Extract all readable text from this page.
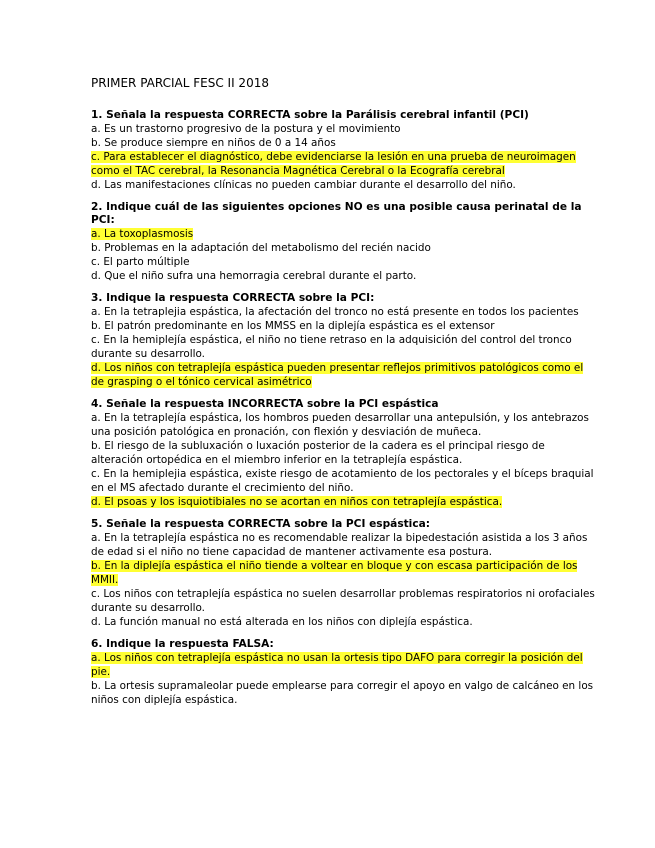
PRIMER PARCIAL FESC II 2018
1. Señala la respuesta CORRECTA sobre la Parálisis cerebral infantil (PCI)
a. Es un trastorno progresivo de la postura y el movimiento
b. Se produce siempre en niños de 0 a 14 años
c. Para establecer el diagnóstico, debe evidenciarse la lesión en una prueba de neuroimagen como el TAC cerebral, la Resonancia Magnética Cerebral o la Ecografía cerebral
d. Las manifestaciones clínicas no pueden cambiar durante el desarrollo del niño.
2. Indique cuál de las siguientes opciones NO es una posible causa perinatal de la PCI:
a. La toxoplasmosis
b. Problemas en la adaptación del metabolismo del recién nacido
c. El parto múltiple
d. Que el niño sufra una hemorragia cerebral durante el parto.
3. Indique la respuesta CORRECTA sobre la PCI:
a. En la tetraplejia espástica, la afectación del tronco no está presente en todos los pacientes
b. El patrón predominante en los MMSS en la diplejía espástica es el extensor
c. En la hemiplejía espástica, el niño no tiene retraso en la adquisición del control del tronco durante su desarrollo.
d. Los niños con tetraplejía espástica pueden presentar reflejos primitivos patológicos como el de grasping o el tónico cervical asimétrico
4. Señale la respuesta INCORRECTA sobre la PCI espástica
a. En la tetraplejía espástica, los hombros pueden desarrollar una antepulsión, y los antebrazos una posición patológica en pronación, con flexión y desviación de muñeca.
b. El riesgo de la subluxación o luxación posterior de la cadera es el principal riesgo de alteración ortopédica en el miembro inferior en la tetraplejía espástica.
c. En la hemiplejia espástica, existe riesgo de acotamiento de los pectorales y el bíceps braquial en el MS afectado durante el crecimiento del niño.
d. El psoas y los isquiotibiales no se acortan en niños con tetraplejía espástica.
5. Señale la respuesta CORRECTA sobre la PCI espástica:
a. En la tetraplejía espástica no es recomendable realizar la bipedestación asistida a los 3 años de edad si el niño no tiene capacidad de mantener activamente esa postura.
b. En la diplejía espástica el niño tiende a voltear en bloque y con escasa participación de los MMII.
c. Los niños con tetraplejía espástica no suelen desarrollar problemas respiratorios ni orofaciales durante su desarrollo.
d. La función manual no está alterada en los niños con diplejía espástica.
6. Indique la respuesta FALSA:
a. Los niños con tetraplejía espástica no usan la ortesis tipo DAFO para corregir la posición del pie.
b. La ortesis supramaleolar puede emplearse para corregir el apoyo en valgo de calcáneo en los niños con diplejía espástica.
